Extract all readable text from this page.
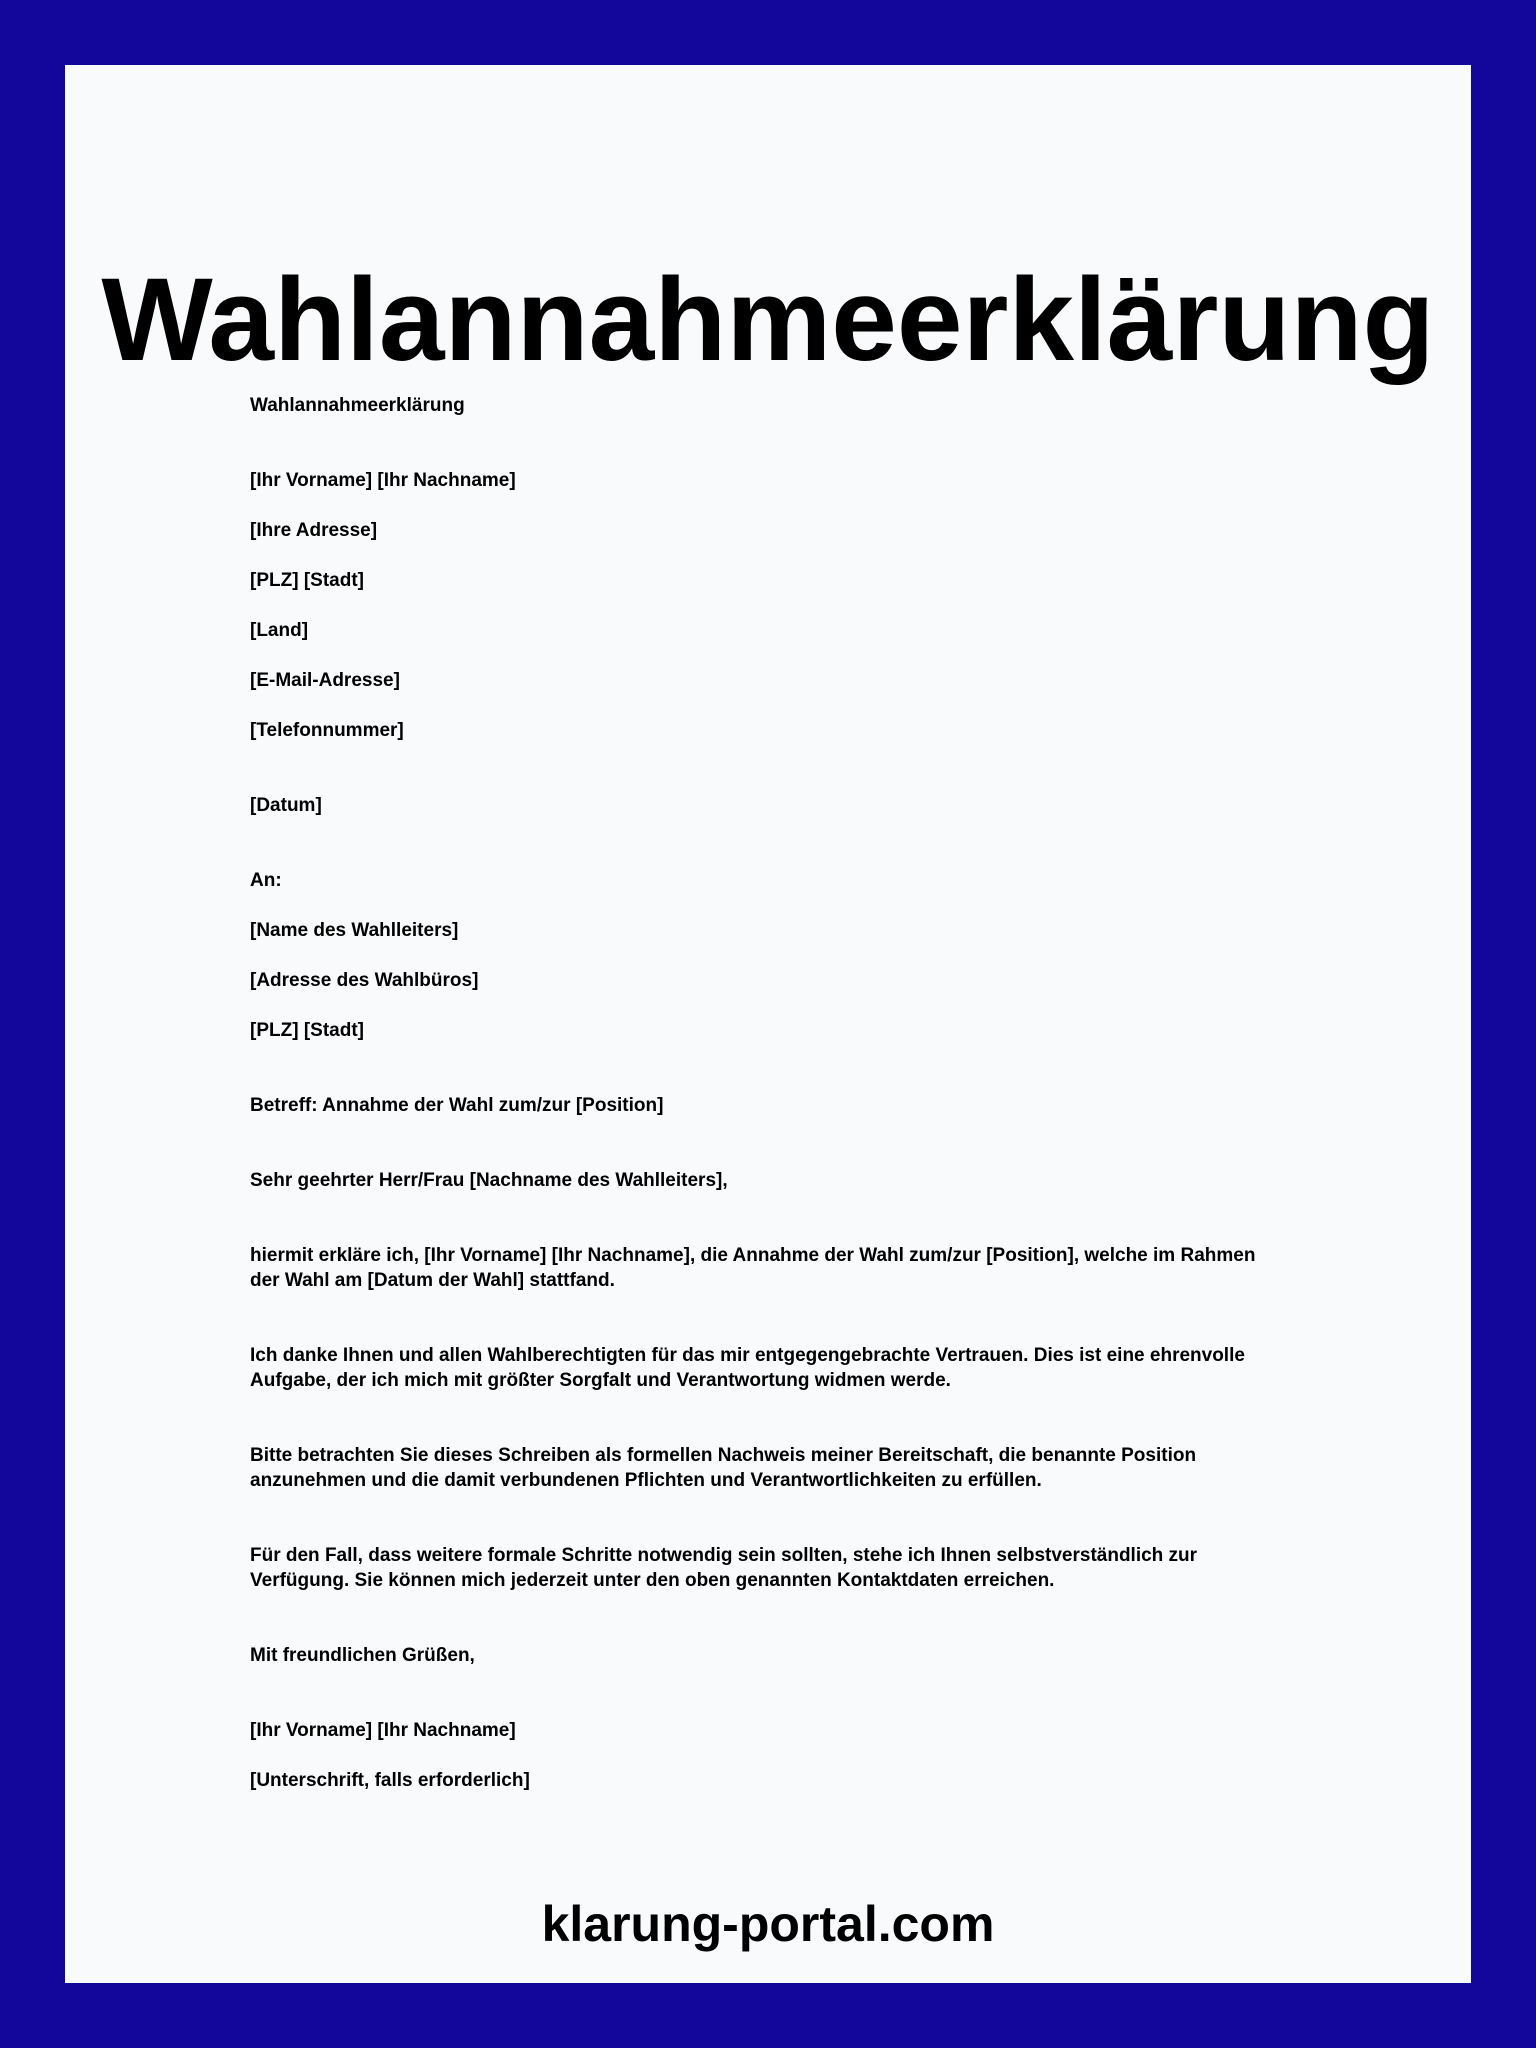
Wahlannahmeerklärung

Wahlannahmeerklärung

[Ihr Vorname] [Ihr Nachname]

[Ihre Adresse]

[PLZ] [Stadt]

[Land]

[E-Mail-Adresse]

[Telefonnummer]

[Datum]

An:

[Name des Wahlleiters]

[Adresse des Wahlbüros]

[PLZ] [Stadt]

Betreff: Annahme der Wahl zum/zur [Position]

Sehr geehrter Herr/Frau [Nachname des Wahlleiters],

hiermit erkläre ich, [Ihr Vorname] [Ihr Nachname], die Annahme der Wahl zum/zur [Position], welche im Rahmen der Wahl am [Datum der Wahl] stattfand.

Ich danke Ihnen und allen Wahlberechtigten für das mir entgegengebrachte Vertrauen. Dies ist eine ehrenvolle Aufgabe, der ich mich mit größter Sorgfalt und Verantwortung widmen werde.

Bitte betrachten Sie dieses Schreiben als formellen Nachweis meiner Bereitschaft, die benannte Position anzunehmen und die damit verbundenen Pflichten und Verantwortlichkeiten zu erfüllen.

Für den Fall, dass weitere formale Schritte notwendig sein sollten, stehe ich Ihnen selbstverständlich zur Verfügung. Sie können mich jederzeit unter den oben genannten Kontaktdaten erreichen.

Mit freundlichen Grüßen,

[Ihr Vorname] [Ihr Nachname]

[Unterschrift, falls erforderlich]

klarung-portal.com
